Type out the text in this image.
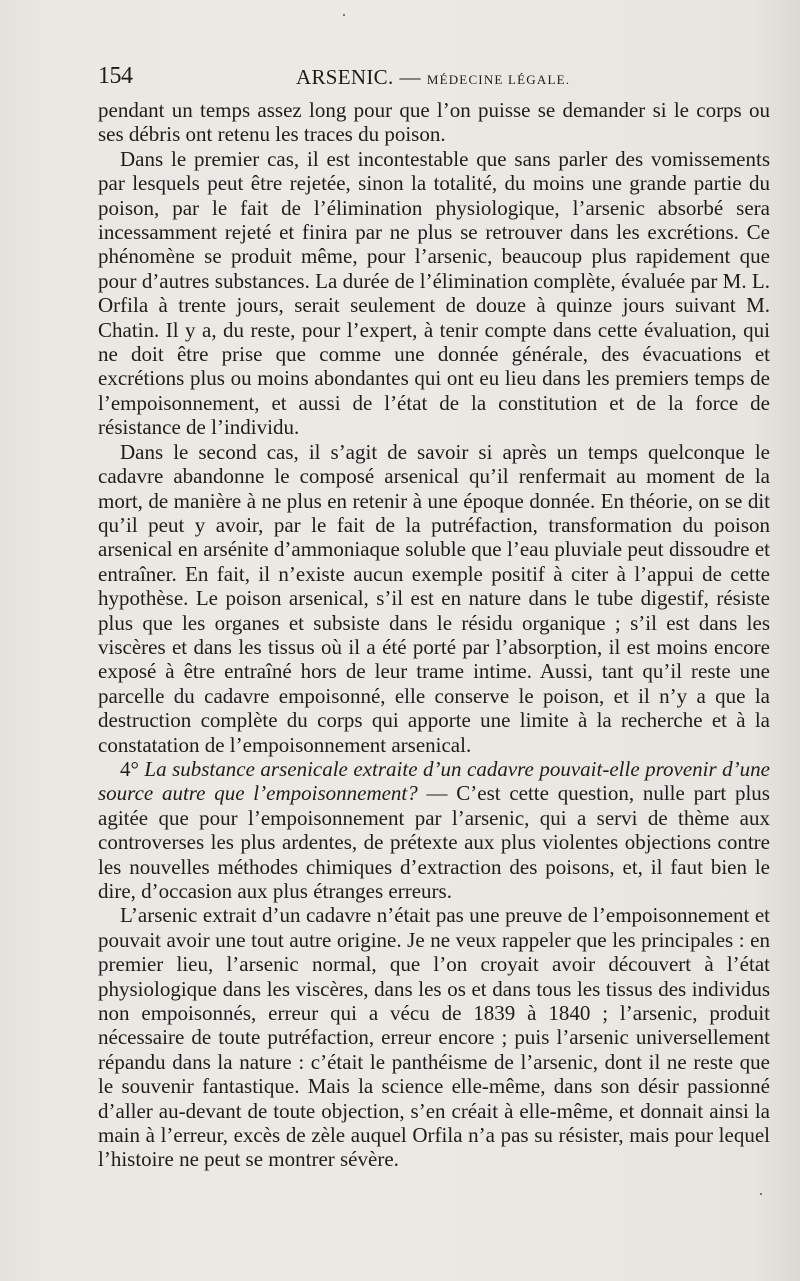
154	ARSENIC. — MÉDECINE LÉGALE.

pendant un temps assez long pour que l’on puisse se demander si le corps ou ses débris ont retenu les traces du poison.

Dans le premier cas, il est incontestable que sans parler des vomissements par lesquels peut être rejetée, sinon la totalité, du moins une grande partie du poison, par le fait de l’élimination physiologique, l’arsenic absorbé sera incessamment rejeté et finira par ne plus se retrouver dans les excrétions. Ce phénomène se produit même, pour l’arsenic, beaucoup plus rapidement que pour d’autres substances. La durée de l’élimination complète, évaluée par M. L. Orfila à trente jours, serait seulement de douze à quinze jours suivant M. Chatin. Il y a, du reste, pour l’expert, à tenir compte dans cette évaluation, qui ne doit être prise que comme une donnée générale, des évacuations et excrétions plus ou moins abondantes qui ont eu lieu dans les premiers temps de l’empoisonnement, et aussi de l’état de la constitution et de la force de résistance de l’individu.

Dans le second cas, il s’agit de savoir si après un temps quelconque le cadavre abandonne le composé arsenical qu’il renfermait au moment de la mort, de manière à ne plus en retenir à une époque donnée. En théorie, on se dit qu’il peut y avoir, par le fait de la putréfaction, transformation du poison arsenical en arsénite d’ammoniaque soluble que l’eau pluviale peut dissoudre et entraîner. En fait, il n’existe aucun exemple positif à citer à l’appui de cette hypothèse. Le poison arsenical, s’il est en nature dans le tube digestif, résiste plus que les organes et subsiste dans le résidu organique ; s’il est dans les viscères et dans les tissus où il a été porté par l’absorption, il est moins encore exposé à être entraîné hors de leur trame intime. Aussi, tant qu’il reste une parcelle du cadavre empoisonné, elle conserve le poison, et il n’y a que la destruction complète du corps qui apporte une limite à la recherche et à la constatation de l’empoisonnement arsenical.

4° La substance arsenicale extraite d’un cadavre pouvait-elle provenir d’une source autre que l’empoisonnement? — C’est cette question, nulle part plus agitée que pour l’empoisonnement par l’arsenic, qui a servi de thème aux controverses les plus ardentes, de prétexte aux plus violentes objections contre les nouvelles méthodes chimiques d’extraction des poisons, et, il faut bien le dire, d’occasion aux plus étranges erreurs.

L’arsenic extrait d’un cadavre n’était pas une preuve de l’empoisonnement et pouvait avoir une tout autre origine. Je ne veux rappeler que les principales : en premier lieu, l’arsenic normal, que l’on croyait avoir découvert à l’état physiologique dans les viscères, dans les os et dans tous les tissus des individus non empoisonnés, erreur qui a vécu de 1839 à 1840 ; l’arsenic, produit nécessaire de toute putréfaction, erreur encore ; puis l’arsenic universellement répandu dans la nature : c’était le panthéisme de l’arsenic, dont il ne reste que le souvenir fantastique. Mais la science elle-même, dans son désir passionné d’aller au-devant de toute objection, s’en créait à elle-même, et donnait ainsi la main à l’erreur, excès de zèle auquel Orfila n’a pas su résister, mais pour lequel l’histoire ne peut se montrer sévère.
